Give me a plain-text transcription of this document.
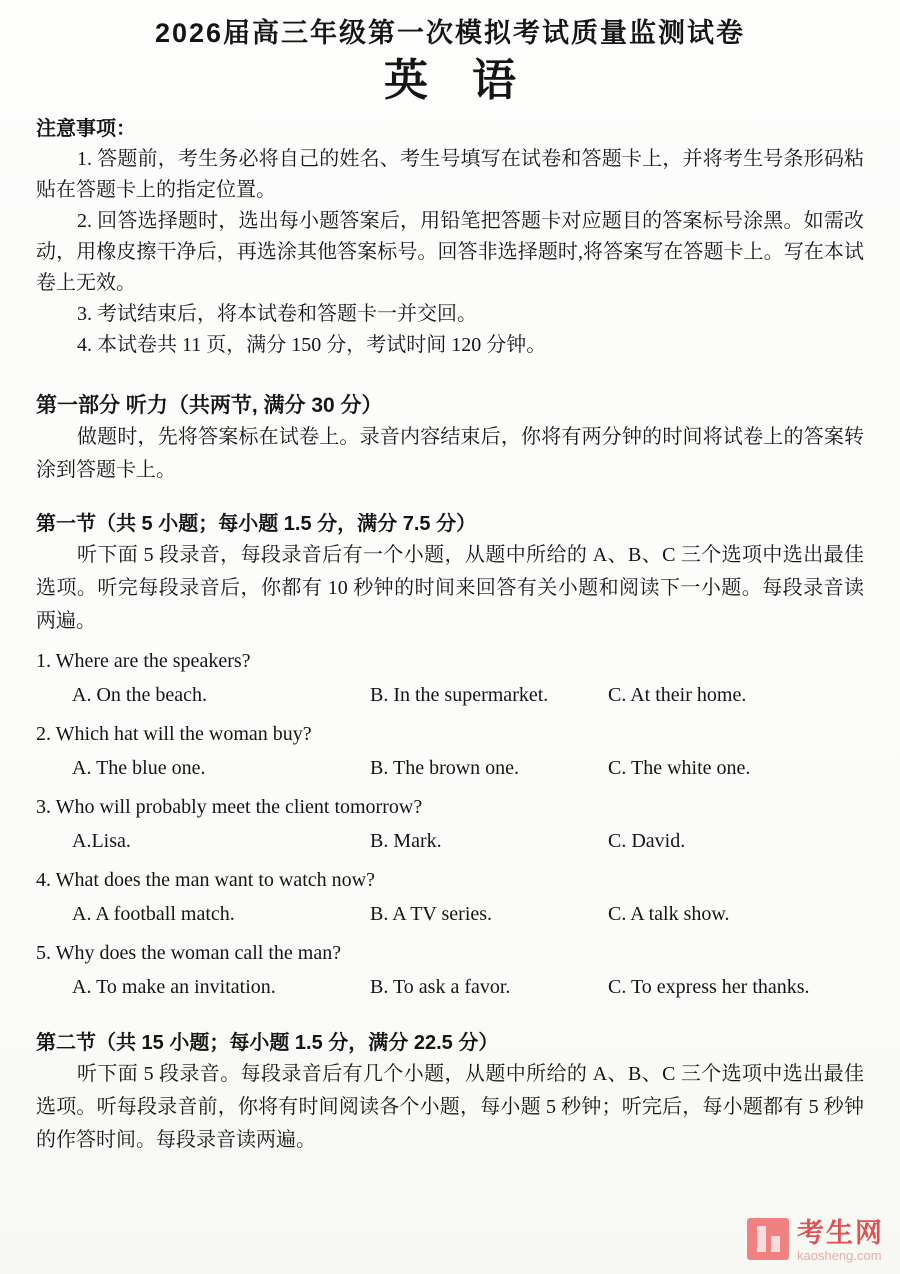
2026届高三年级第一次模拟考试质量监测试卷
英　语
注意事项：

1. 答题前，考生务必将自己的姓名、考生号填写在试卷和答题卡上，并将考生号条形码粘贴在答题卡上的指定位置。

2. 回答选择题时，选出每小题答案后，用铅笔把答题卡对应题目的答案标号涂黑。如需改动，用橡皮擦干净后，再选涂其他答案标号。回答非选择题时,将答案写在答题卡上。写在本试卷上无效。

3. 考试结束后，将本试卷和答题卡一并交回。

4. 本试卷共 11 页，满分 150 分，考试时间 120 分钟。

第一部分 听力（共两节, 满分 30 分）

做题时，先将答案标在试卷上。录音内容结束后，你将有两分钟的时间将试卷上的答案转涂到答题卡上。

第一节（共 5 小题；每小题 1.5 分，满分 7.5 分）

听下面 5 段录音，每段录音后有一个小题，从题中所给的 A、B、C 三个选项中选出最佳选项。听完每段录音后，你都有 10 秒钟的时间来回答有关小题和阅读下一小题。每段录音读两遍。

1. Where are the speakers?
A. On the beach.	B. In the supermarket.	C. At their home.
2. Which hat will the woman buy?
A. The blue one.	B. The brown one.	C. The white one.
3. Who will probably meet the client tomorrow?
A.Lisa.	B. Mark.	C. David.
4. What does the man want to watch now?
A. A football match.	B. A TV series.	C. A talk show.
5. Why does the woman call the man?
A. To make an invitation.	B. To ask a favor.	C. To express her thanks.
第二节（共 15 小题；每小题 1.5 分，满分 22.5 分）

听下面 5 段录音。每段录音后有几个小题，从题中所给的 A、B、C 三个选项中选出最佳选项。听每段录音前，你将有时间阅读各个小题，每小题 5 秒钟；听完后，每小题都有 5 秒钟的作答时间。每段录音读两遍。

考生网
kaosheng.com
